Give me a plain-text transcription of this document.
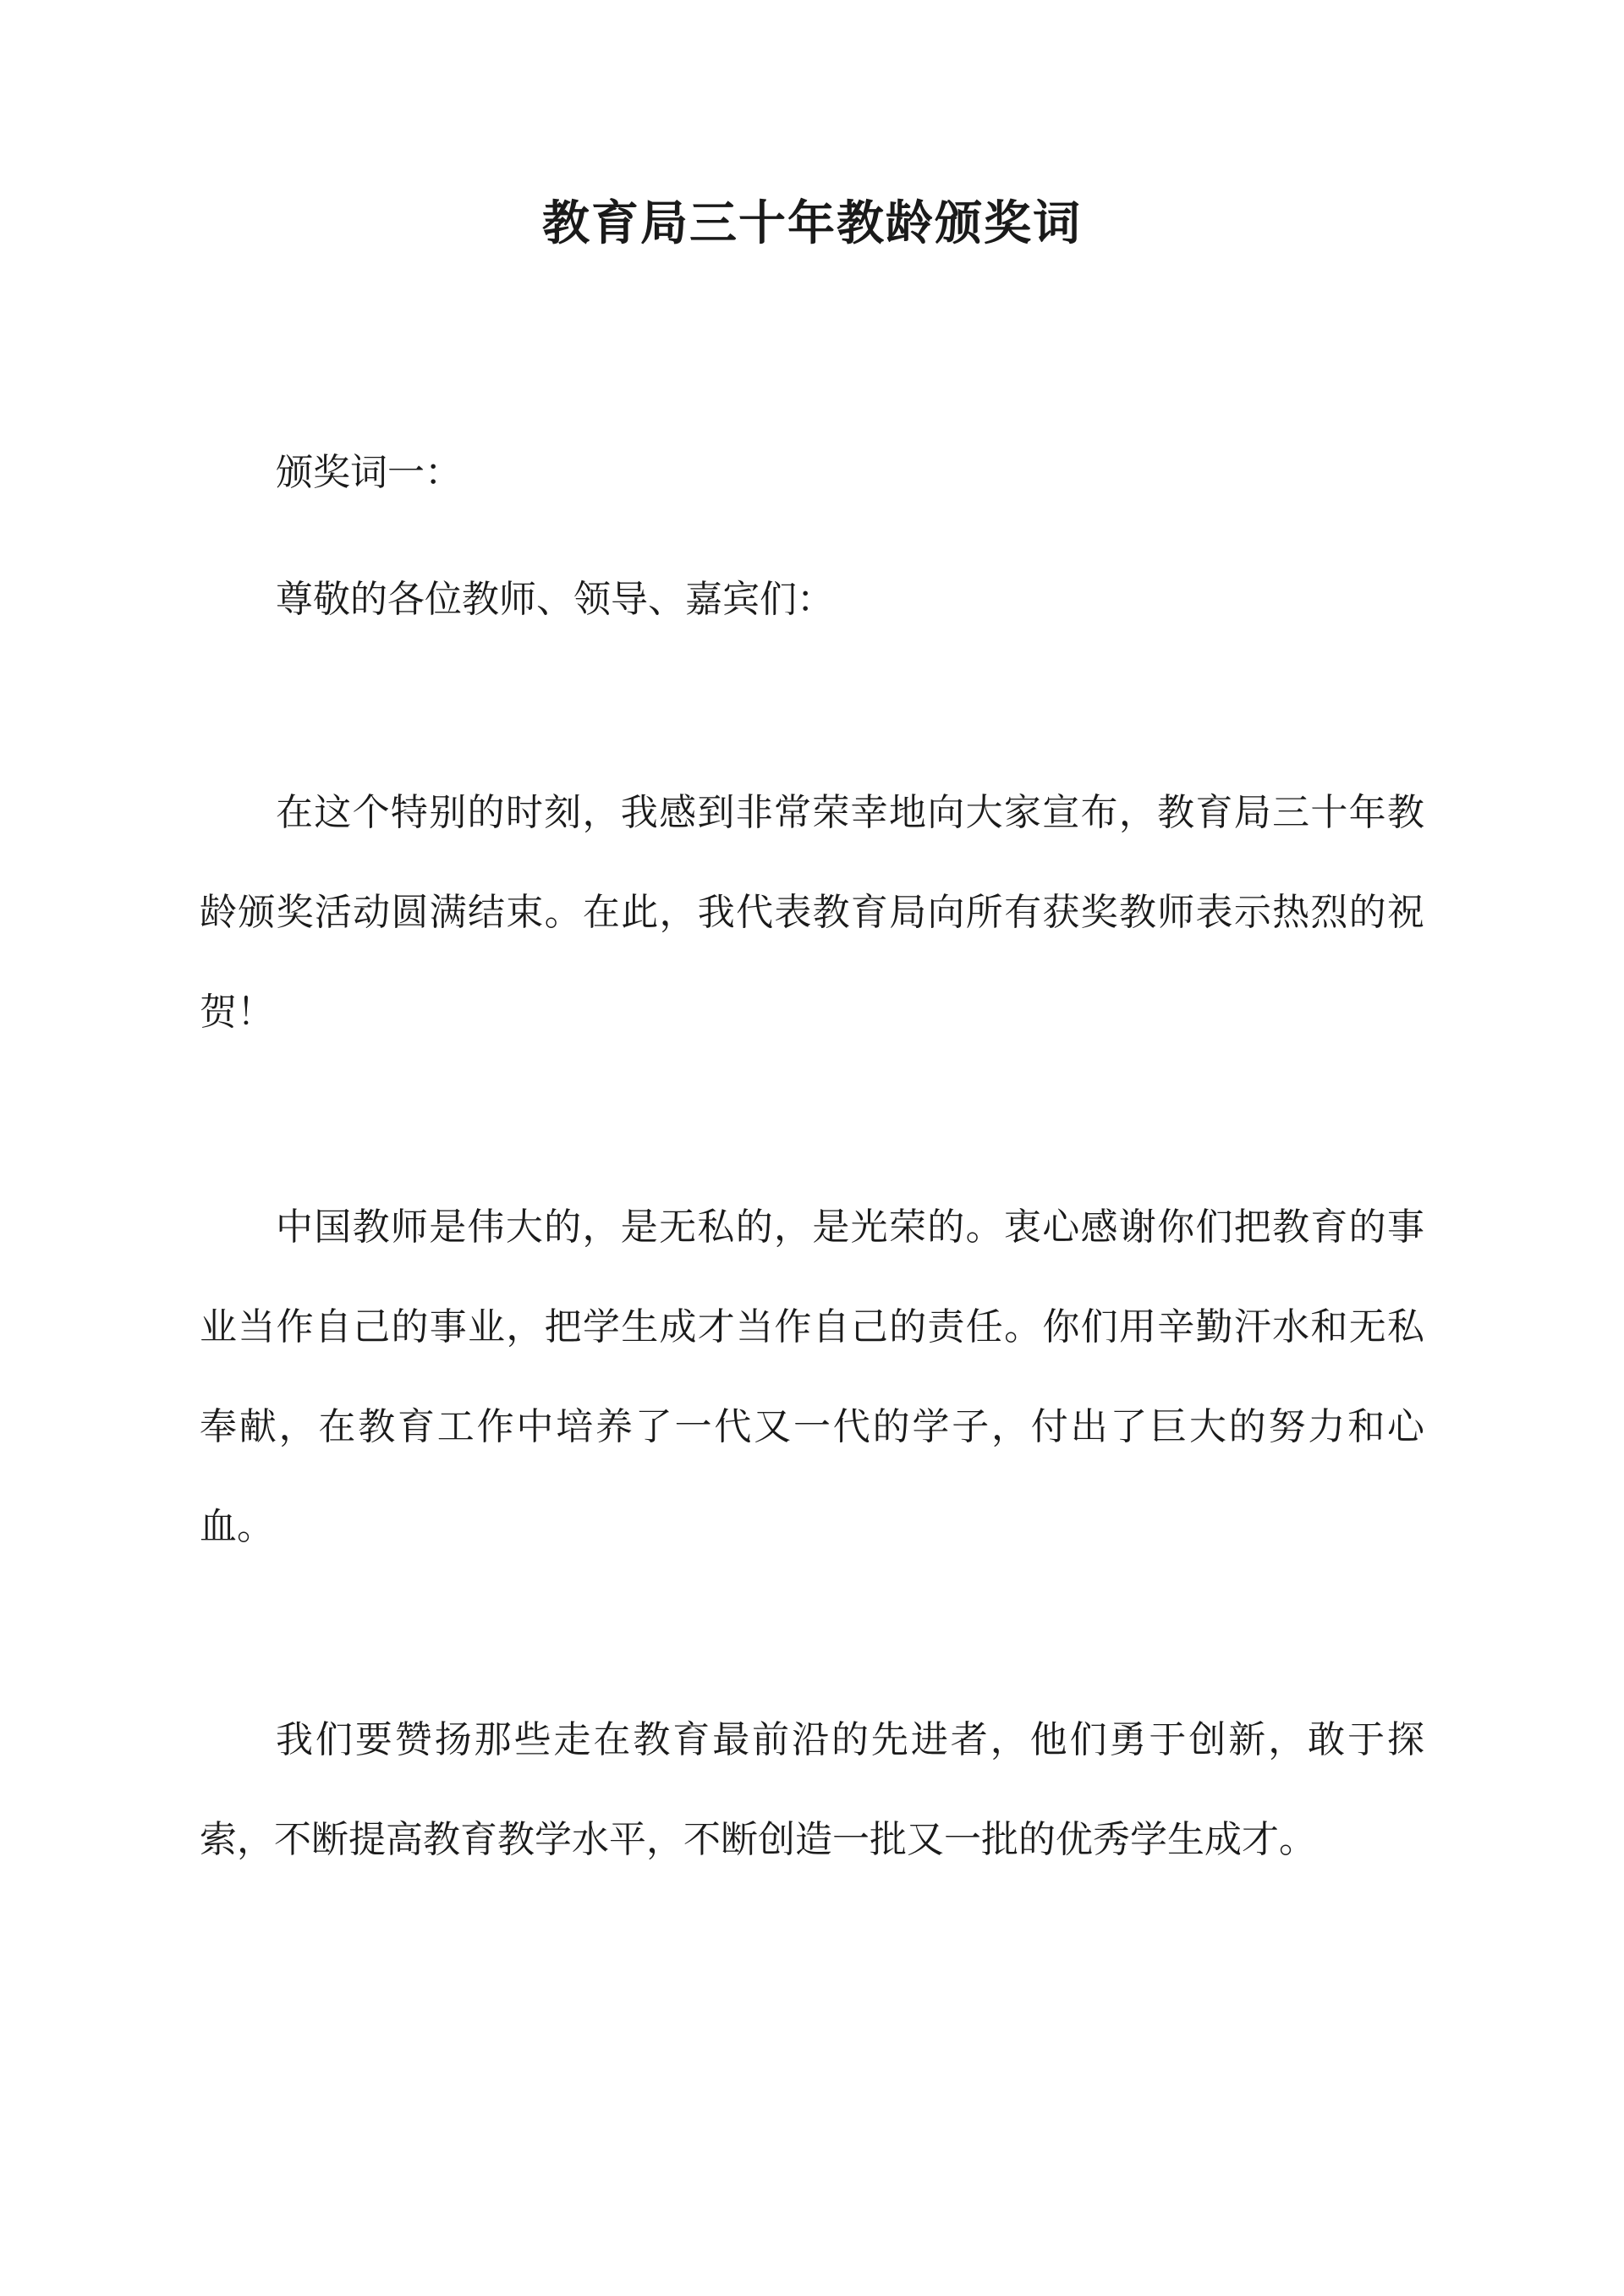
教育局三十年教龄颁奖词

颁奖词一：

尊敬的各位教师、领导、嘉宾们：

在这个特别的时刻，我感到非常荣幸地向大家宣布，教育局三十年教龄颁奖活动圆满结束。在此，我代表教育局向所有获奖教师表示热烈的祝贺！

中国教师是伟大的，是无私的，是光荣的。衷心感谢你们把教育的事业当作自己的事业，把学生成才当作自己的责任。你们用辛勤汗水和无私奉献，在教育工作中培养了一代又一代的学子，付出了巨大的努力和心血。

我们要赞扬那些走在教育最前沿的先进者，他们勇于创新，敢于探索，不断提高教育教学水平，不断创造一批又一批的优秀学生成才。
